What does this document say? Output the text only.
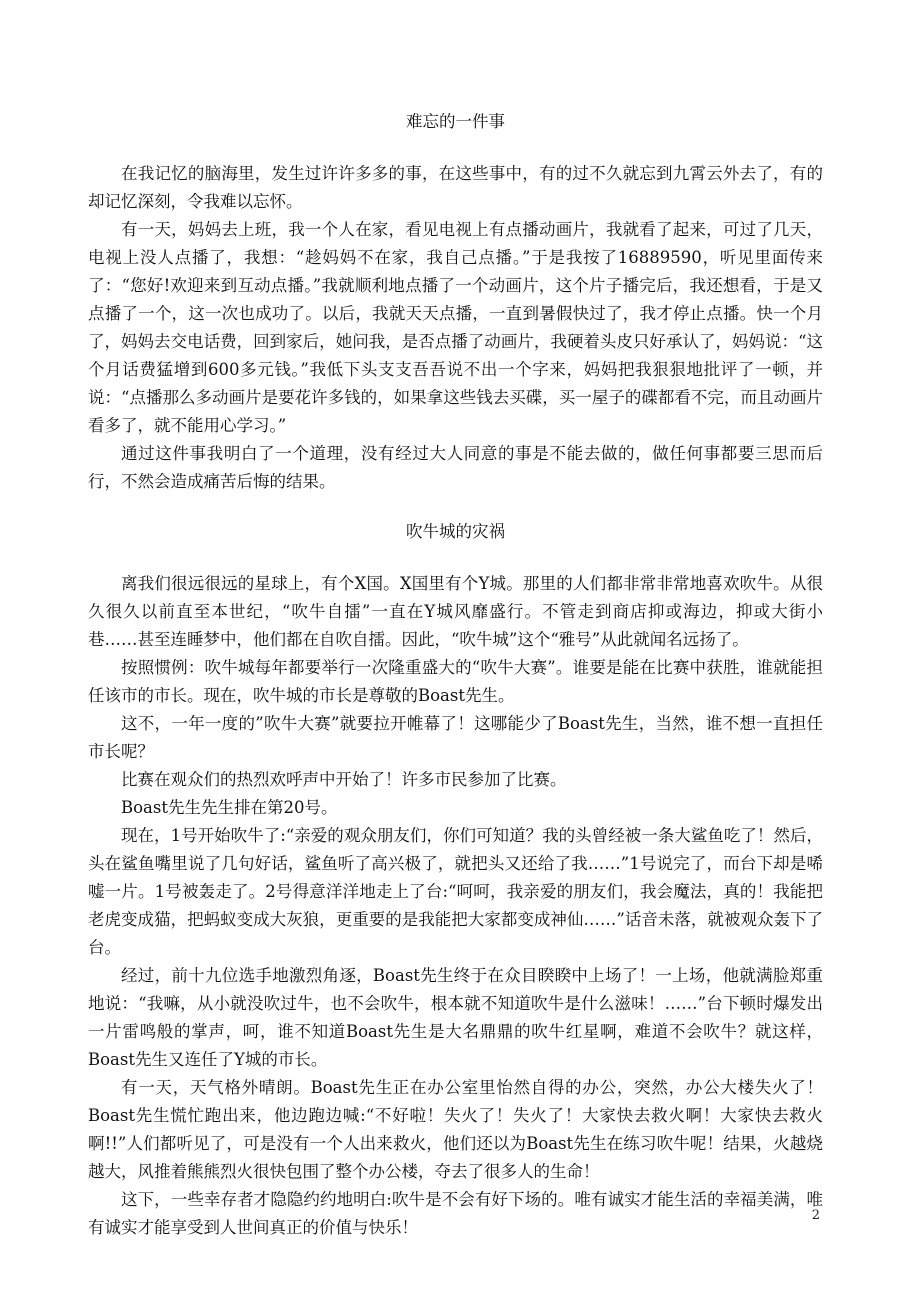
难忘的一件事

在我记忆的脑海里，发生过许许多多的事，在这些事中，有的过不久就忘到九霄云外去了，有的却记忆深刻，令我难以忘怀。

有一天，妈妈去上班，我一个人在家，看见电视上有点播动画片，我就看了起来，可过了几天，电视上没人点播了，我想：“趁妈妈不在家，我自己点播。”于是我按了16889590，听见里面传来了：“您好!欢迎来到互动点播。”我就顺利地点播了一个动画片，这个片子播完后，我还想看，于是又点播了一个，这一次也成功了。以后，我就天天点播，一直到暑假快过了，我才停止点播。快一个月了，妈妈去交电话费，回到家后，她问我，是否点播了动画片，我硬着头皮只好承认了，妈妈说：“这个月话费猛增到600多元钱。”我低下头支支吾吾说不出一个字来，妈妈把我狠狠地批评了一顿，并说：“点播那么多动画片是要花许多钱的，如果拿这些钱去买碟，买一屋子的碟都看不完，而且动画片看多了，就不能用心学习。”

通过这件事我明白了一个道理，没有经过大人同意的事是不能去做的，做任何事都要三思而后行，不然会造成痛苦后悔的结果。

吹牛城的灾祸

离我们很远很远的星球上，有个X国。X国里有个Y城。那里的人们都非常非常地喜欢吹牛。从很久很久以前直至本世纪，“吹牛自擂”一直在Y城风靡盛行。不管走到商店抑或海边，抑或大街小巷……甚至连睡梦中，他们都在自吹自擂。因此，“吹牛城”这个“雅号”从此就闻名远扬了。

按照惯例：吹牛城每年都要举行一次隆重盛大的“吹牛大赛”。谁要是能在比赛中获胜，谁就能担任该市的市长。现在，吹牛城的市长是尊敬的Boast先生。

这不，一年一度的”吹牛大赛”就要拉开帷幕了！这哪能少了Boast先生，当然，谁不想一直担任市长呢？

比赛在观众们的热烈欢呼声中开始了！许多市民参加了比赛。

Boast先生先生排在第20号。

现在，1号开始吹牛了:“亲爱的观众朋友们，你们可知道？我的头曾经被一条大鲨鱼吃了！然后，头在鲨鱼嘴里说了几句好话，鲨鱼听了高兴极了，就把头又还给了我……”1号说完了，而台下却是唏嘘一片。1号被轰走了。2号得意洋洋地走上了台:“呵呵，我亲爱的朋友们，我会魔法，真的！我能把老虎变成猫，把蚂蚁变成大灰狼，更重要的是我能把大家都变成神仙……”话音未落，就被观众轰下了台。

经过，前十九位选手地激烈角逐，Boast先生终于在众目睽睽中上场了！一上场，他就满脸郑重地说：“我嘛，从小就没吹过牛，也不会吹牛，根本就不知道吹牛是什么滋味！……”台下顿时爆发出一片雷鸣般的掌声，呵，谁不知道Boast先生是大名鼎鼎的吹牛红星啊，难道不会吹牛？就这样，Boast先生又连任了Y城的市长。

有一天，天气格外晴朗。Boast先生正在办公室里怡然自得的办公，突然，办公大楼失火了！Boast先生慌忙跑出来，他边跑边喊:“不好啦！失火了！失火了！大家快去救火啊！大家快去救火啊!!”人们都听见了，可是没有一个人出来救火，他们还以为Boast先生在练习吹牛呢！结果，火越烧越大，风推着熊熊烈火很快包围了整个办公楼，夺去了很多人的生命！

这下，一些幸存者才隐隐约约地明白:吹牛是不会有好下场的。唯有诚实才能生活的幸福美满，唯有诚实才能享受到人世间真正的价值与快乐！

2
